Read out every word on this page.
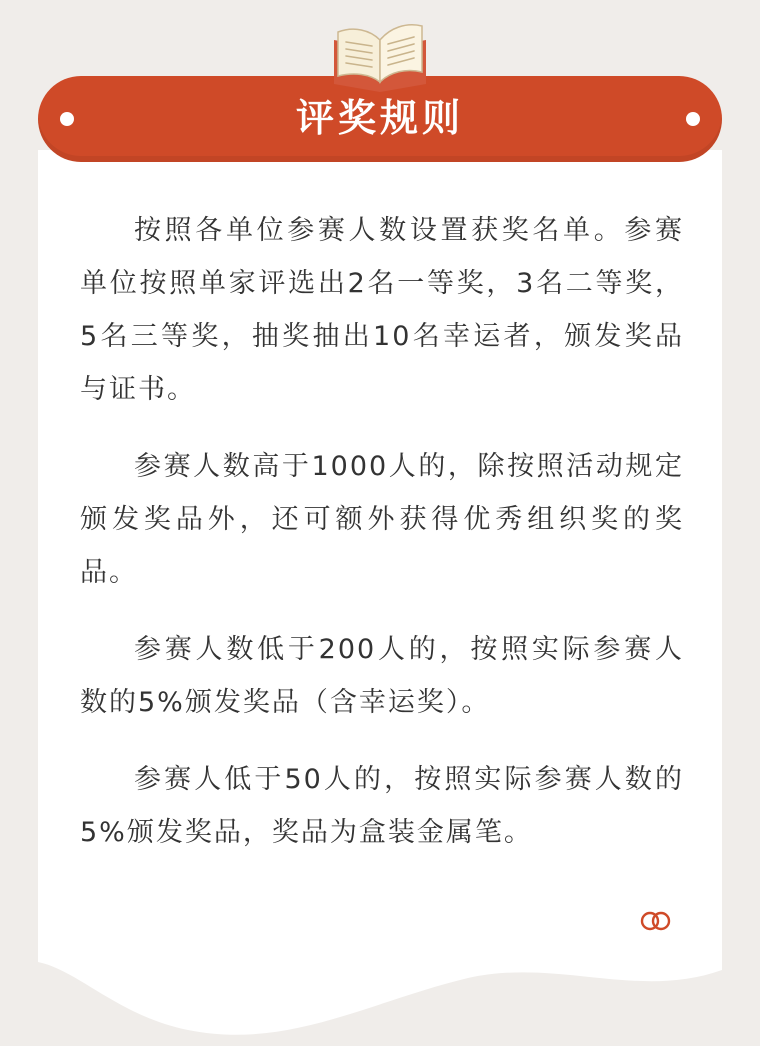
评奖规则

按照各单位参赛人数设置获奖名单。参赛单位按照单家评选出2名一等奖，3名二等奖，5名三等奖，抽奖抽出10名幸运者，颁发奖品与证书。

参赛人数高于1000人的，除按照活动规定颁发奖品外，还可额外获得优秀组织奖的奖品。

参赛人数低于200人的，按照实际参赛人数的5%颁发奖品（含幸运奖）。

参赛人低于50人的，按照实际参赛人数的5%颁发奖品，奖品为盒装金属笔。
